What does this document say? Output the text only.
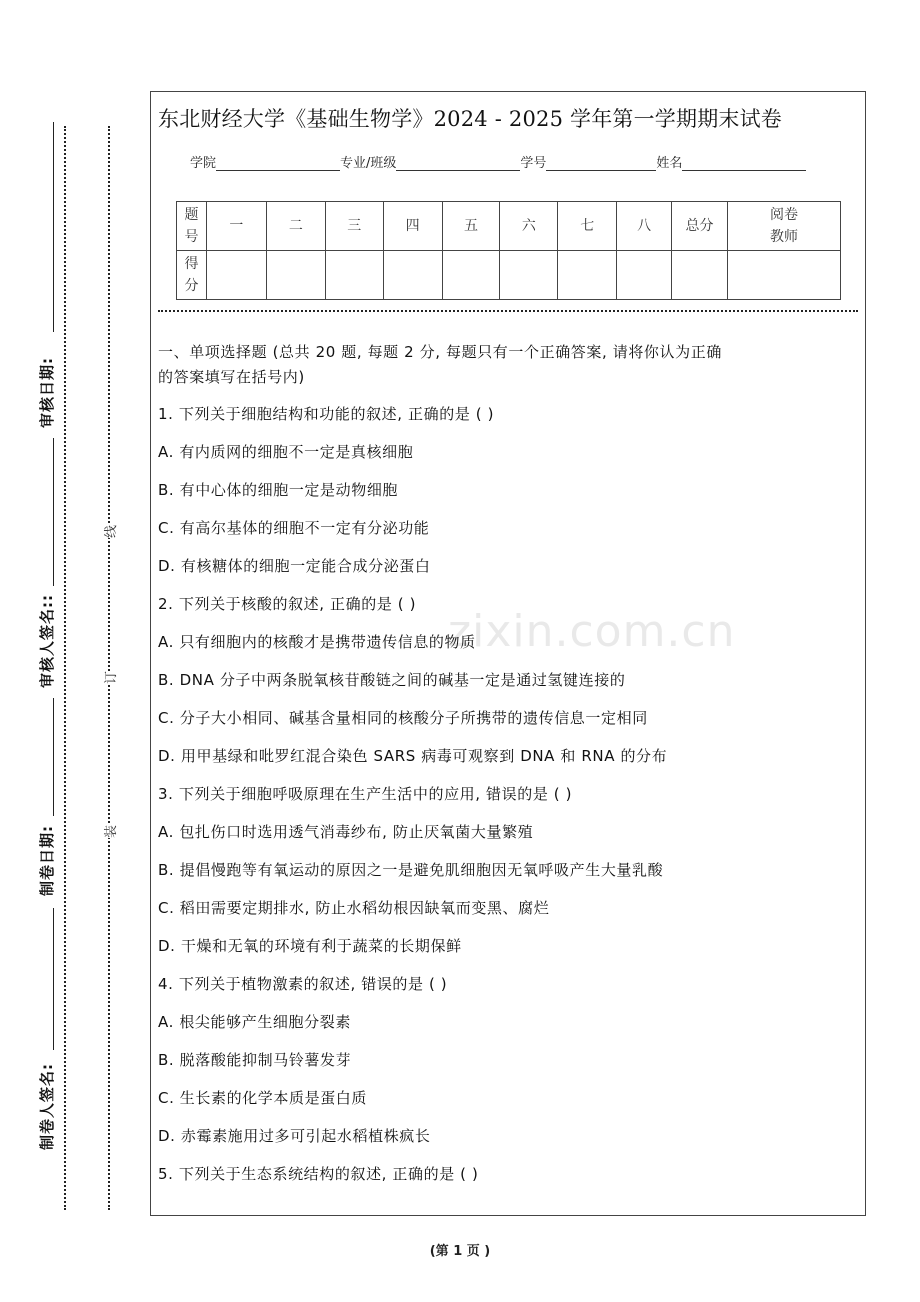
审核日期:
审核人签名::
制卷日期:
制卷人签名:
线
订
装
zixin.com.cn
东北财经大学《基础生物学》2024 - 2025 学年第一学期期末试卷
学院	专业/班级	学号	姓名
题号	一	二	三	四	五	六	七	八	总分	阅卷教师
得分										
一、单项选择题 (总共 20 题, 每题 2 分, 每题只有一个正确答案, 请将你认为正确
的答案填写在括号内)
1. 下列关于细胞结构和功能的叙述, 正确的是 ( )
A. 有内质网的细胞不一定是真核细胞
B. 有中心体的细胞一定是动物细胞
C. 有高尔基体的细胞不一定有分泌功能
D. 有核糖体的细胞一定能合成分泌蛋白
2. 下列关于核酸的叙述, 正确的是 ( )
A. 只有细胞内的核酸才是携带遗传信息的物质
B. DNA 分子中两条脱氧核苷酸链之间的碱基一定是通过氢键连接的
C. 分子大小相同、碱基含量相同的核酸分子所携带的遗传信息一定相同
D. 用甲基绿和吡罗红混合染色 SARS 病毒可观察到 DNA 和 RNA 的分布
3. 下列关于细胞呼吸原理在生产生活中的应用, 错误的是 ( )
A. 包扎伤口时选用透气消毒纱布, 防止厌氧菌大量繁殖
B. 提倡慢跑等有氧运动的原因之一是避免肌细胞因无氧呼吸产生大量乳酸
C. 稻田需要定期排水, 防止水稻幼根因缺氧而变黑、腐烂
D. 干燥和无氧的环境有利于蔬菜的长期保鲜
4. 下列关于植物激素的叙述, 错误的是 ( )
A. 根尖能够产生细胞分裂素
B. 脱落酸能抑制马铃薯发芽
C. 生长素的化学本质是蛋白质
D. 赤霉素施用过多可引起水稻植株疯长
5. 下列关于生态系统结构的叙述, 正确的是 ( )
(第 1 页 )
